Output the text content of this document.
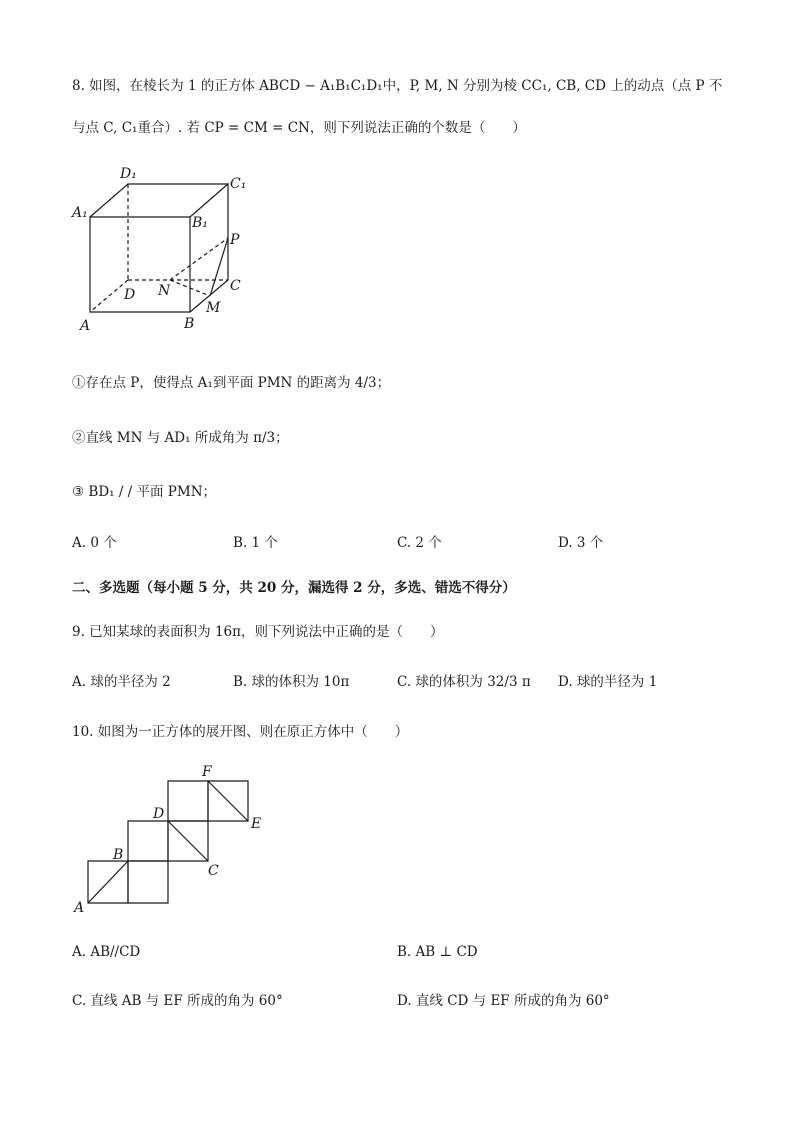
8. 如图，在棱长为 1 的正方体 ABCD − A₁B₁C₁D₁中，P, M, N 分别为棱 CC₁, CB, CD 上的动点（点 P 不
与点 C, C₁重合）. 若 CP = CM = CN，则下列说法正确的个数是（　　）
D₁
C₁
A₁
B₁
P
D N	C
M
A	B
①存在点 P，使得点 A₁到平面 PMN 的距离为 4/3；
②直线 MN 与 AD₁ 所成角为 π/3；
③ BD₁ / / 平面 PMN；
A. 0 个	B. 1 个	C. 2 个	D. 3 个
二、多选题（每小题 5 分，共 20 分，漏选得 2 分，多选、错选不得分）
9. 已知某球的表面积为 16π，则下列说法中正确的是（　　）
A. 球的半径为 2	B. 球的体积为 10π	C. 球的体积为 32/3 π D. 球的半径为 1
10. 如图为一正方体的展开图、则在原正方体中（　　）
F
D
E
B
C
A
A. AB//CD	B. AB ⊥ CD
C. 直线 AB 与 EF 所成的角为 60°	D. 直线 CD 与 EF 所成的角为 60°
